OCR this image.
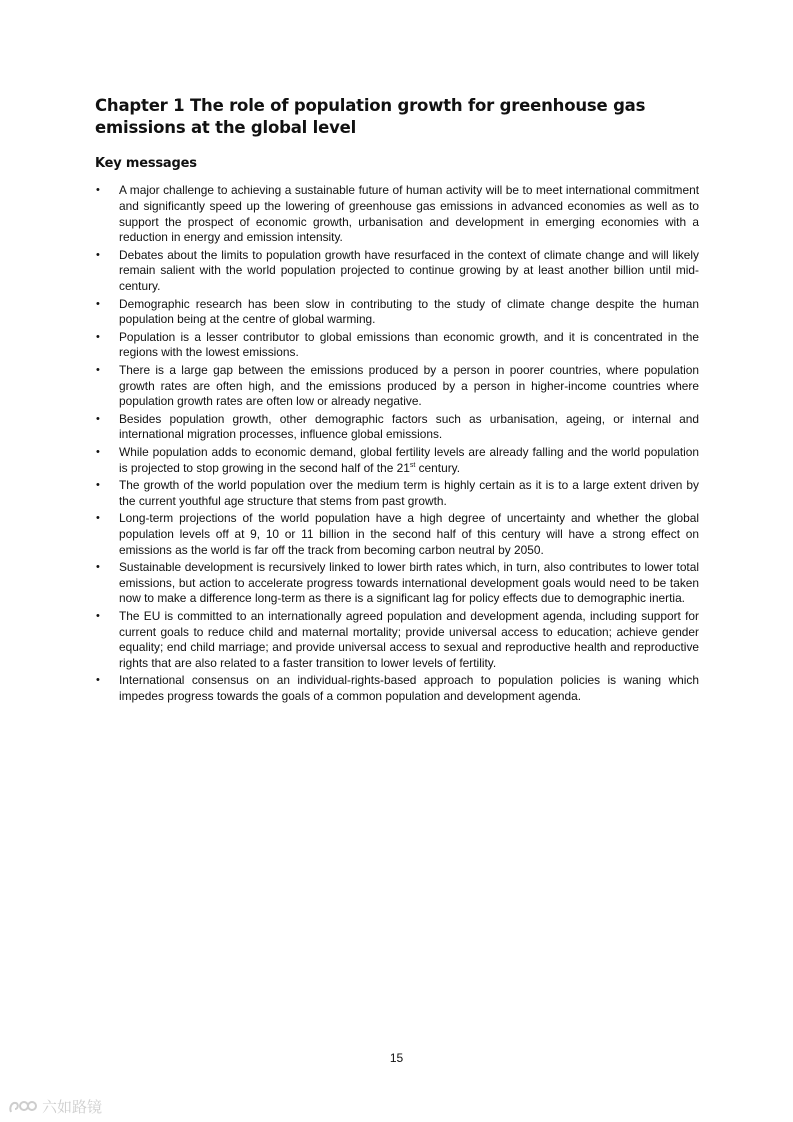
Chapter 1 The role of population growth for greenhouse gas emissions at the global level
Key messages
• A major challenge to achieving a sustainable future of human activity will be to meet international commitment and significantly speed up the lowering of greenhouse gas emissions in advanced economies as well as to support the prospect of economic growth, urbanisation and development in emerging economies with a reduction in energy and emission intensity.
• Debates about the limits to population growth have resurfaced in the context of climate change and will likely remain salient with the world population projected to continue growing by at least another billion until mid-century.
• Demographic research has been slow in contributing to the study of climate change despite the human population being at the centre of global warming.
• Population is a lesser contributor to global emissions than economic growth, and it is concentrated in the regions with the lowest emissions.
• There is a large gap between the emissions produced by a person in poorer countries, where population growth rates are often high, and the emissions produced by a person in higher-income countries where population growth rates are often low or already negative.
• Besides population growth, other demographic factors such as urbanisation, ageing, or internal and international migration processes, influence global emissions.
• While population adds to economic demand, global fertility levels are already falling and the world population is projected to stop growing in the second half of the 21st century.
• The growth of the world population over the medium term is highly certain as it is to a large extent driven by the current youthful age structure that stems from past growth.
• Long-term projections of the world population have a high degree of uncertainty and whether the global population levels off at 9, 10 or 11 billion in the second half of this century will have a strong effect on emissions as the world is far off the track from becoming carbon neutral by 2050.
• Sustainable development is recursively linked to lower birth rates which, in turn, also contributes to lower total emissions, but action to accelerate progress towards international development goals would need to be taken now to make a difference long-term as there is a significant lag for policy effects due to demographic inertia.
• The EU is committed to an internationally agreed population and development agenda, including support for current goals to reduce child and maternal mortality; provide universal access to education; achieve gender equality; end child marriage; and provide universal access to sexual and reproductive health and reproductive rights that are also related to a faster transition to lower levels of fertility.
• International consensus on an individual-rights-based approach to population policies is waning which impedes progress towards the goals of a common population and development agenda.
15
六如路镜
